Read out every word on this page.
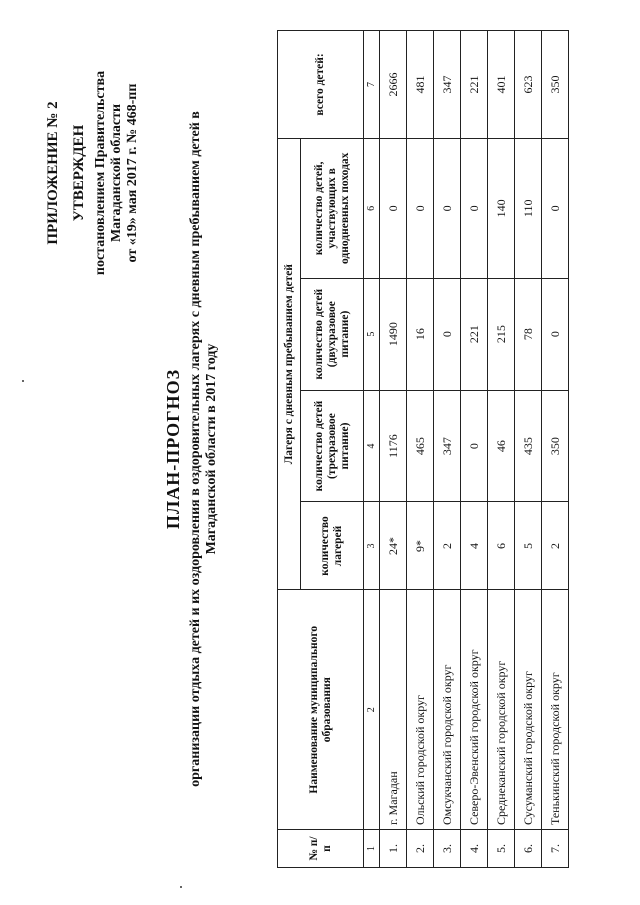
ПРИЛОЖЕНИЕ № 2 УТВЕРЖДЕН постановлением Правительства Магаданской области от «19» мая 2017 г. № 468-пп
ПЛАН-ПРОГНОЗ организации отдыха детей и их оздоровления в оздоровительных лагерях с дневным пребыванием детей в Магаданской области в 2017 году
№ п/п	Наименование муниципального образования	Лагеря с дневным пребыванием детей				всего детей:
		количество лагерей	количество детей (трехразовое питание)	количество детей (двухразовое питание)	количество детей, участвующих в однодневных походах	
1	2	3	4	5	6	7
1.	г. Магадан	24*	1176	1490	0	2666
2.	Ольский городской округ	9*	465	16	0	481
3.	Омсукчанский городской округ	2	347	0	0	347
4.	Северо-Эвенский городской округ	4	0	221	0	221
5.	Среднеканский городской округ	6	46	215	140	401
6.	Сусуманский городской округ	5	435	78	110	623
7.	Тенькинский городской округ	2	350	0	0	350
